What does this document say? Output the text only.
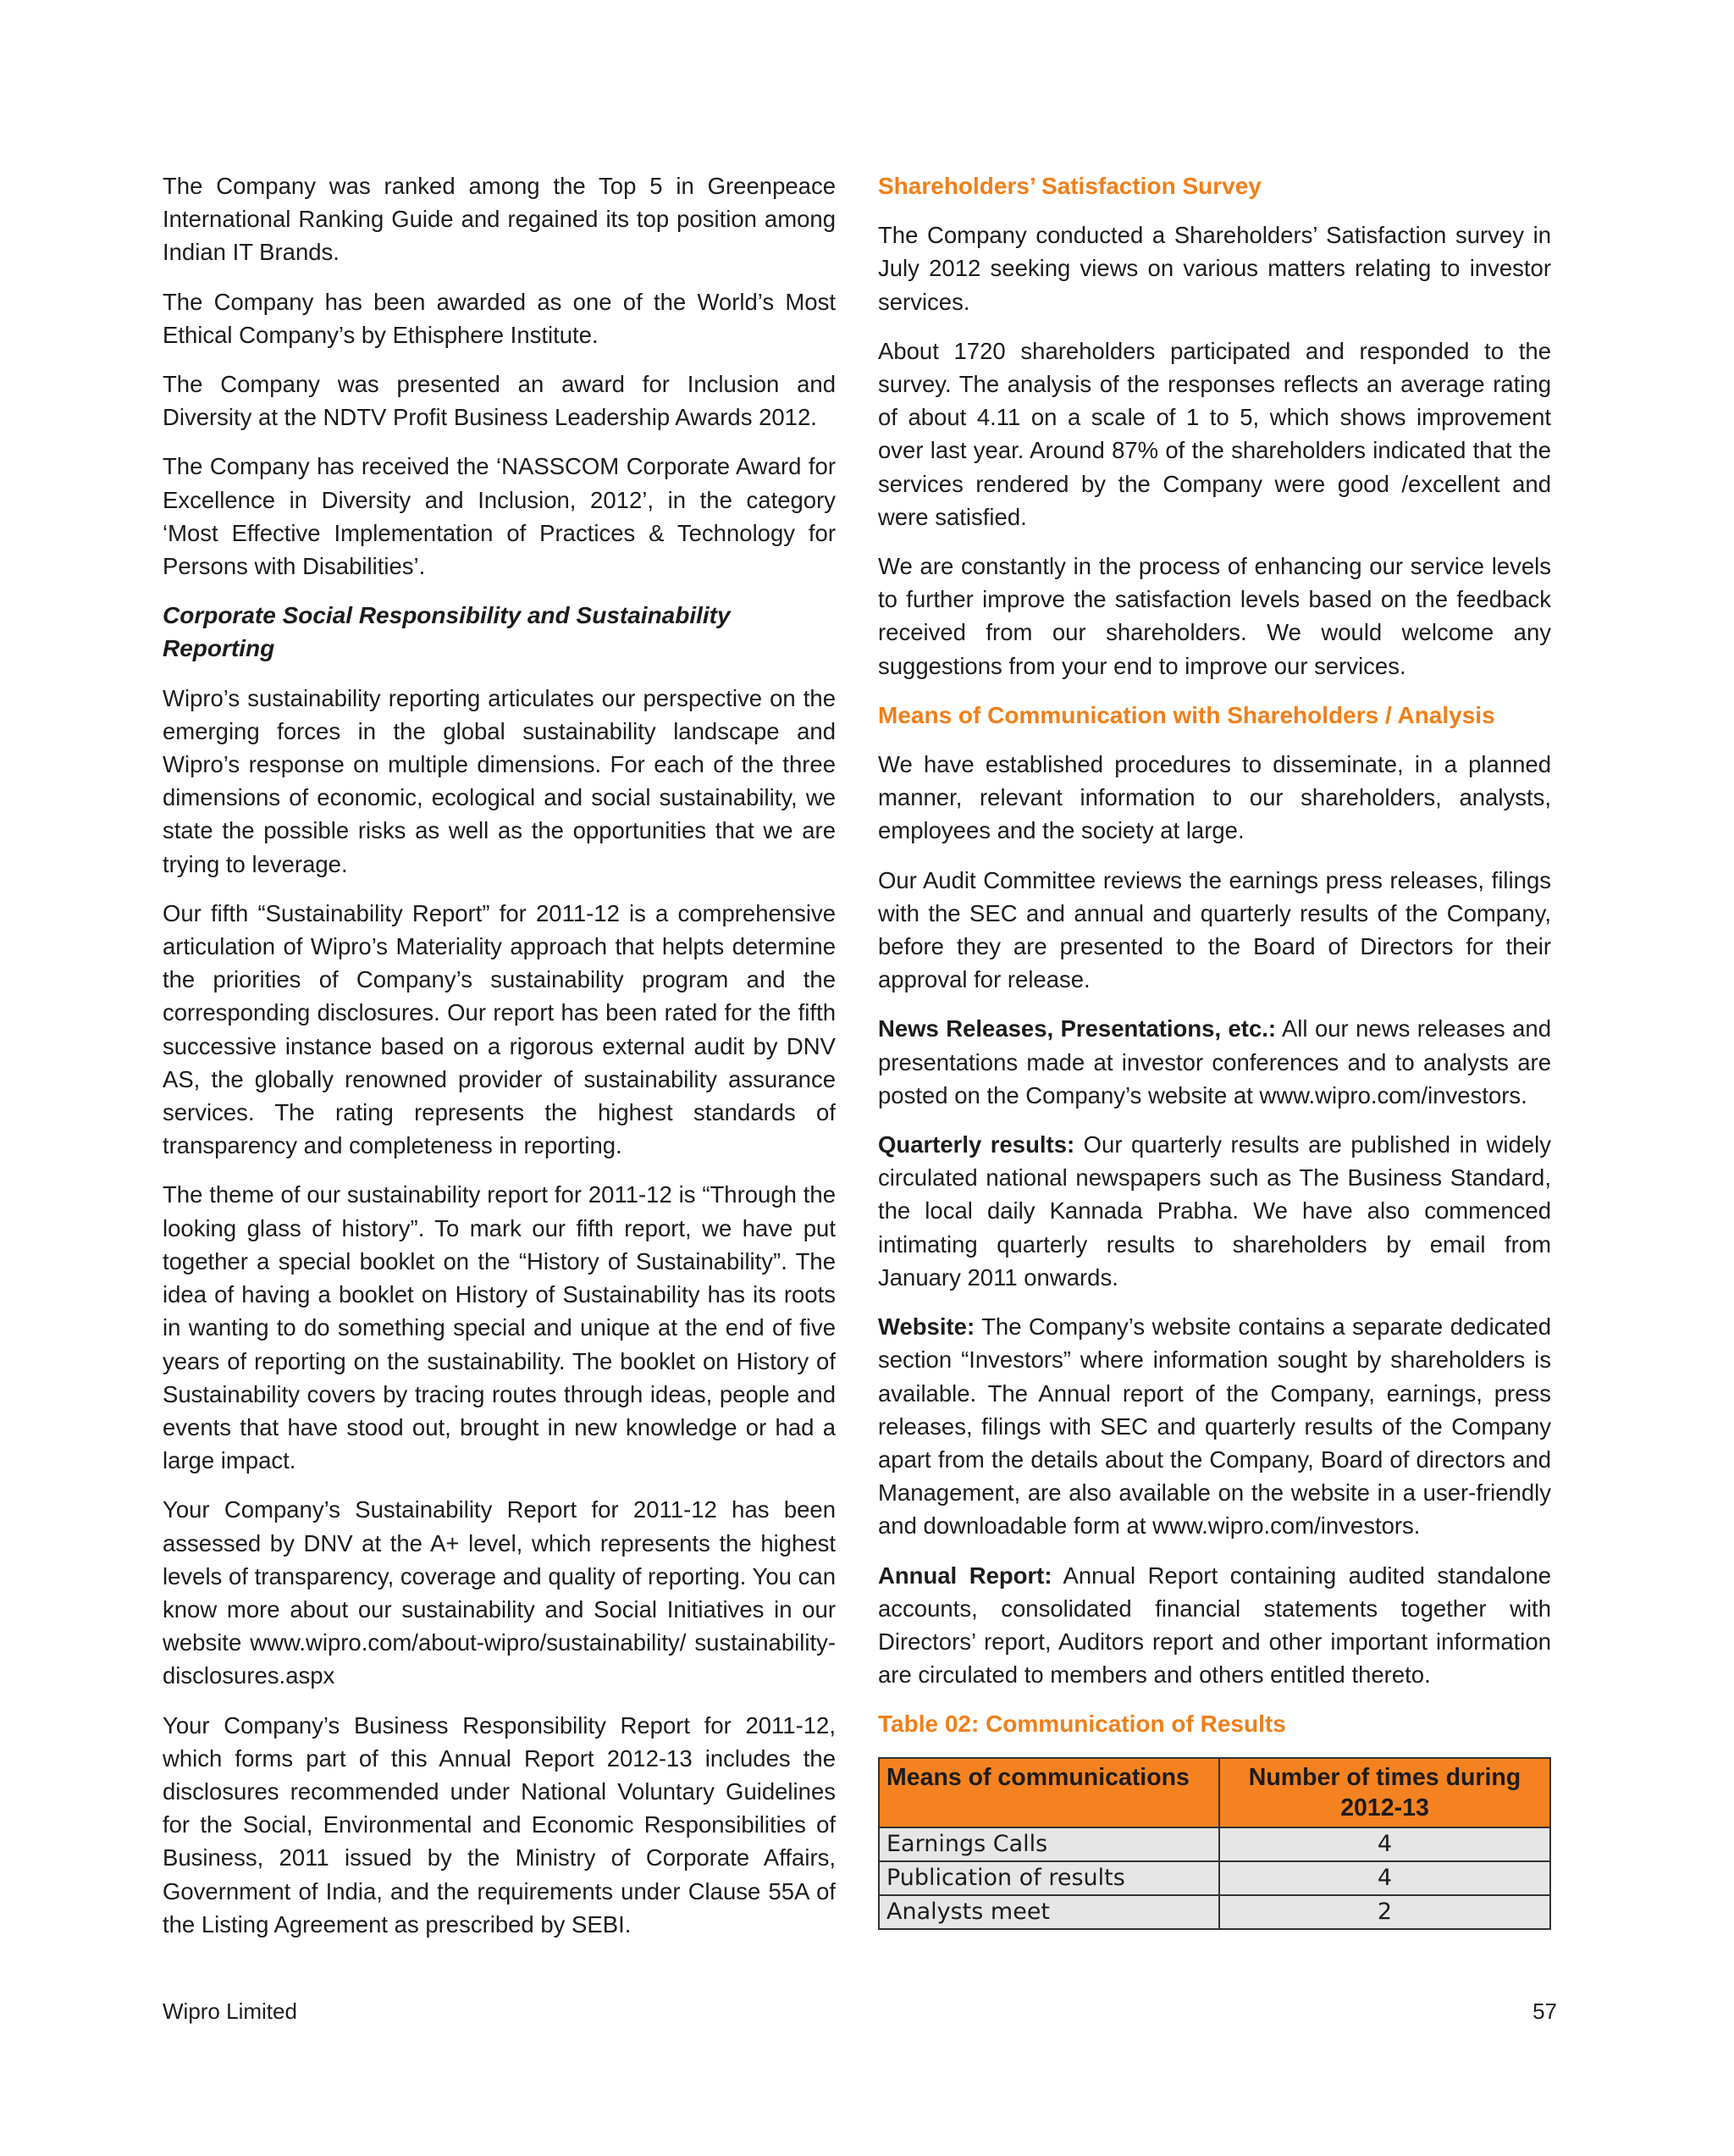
The Company was ranked among the Top 5 in Greenpeace International Ranking Guide and regained its top position among Indian IT Brands.

The Company has been awarded as one of the World’s Most Ethical Company’s by Ethisphere Institute.

The Company was presented an award for Inclusion and Diversity at the NDTV Profit Business Leadership Awards 2012.

The Company has received the ‘NASSCOM Corporate Award for Excellence in Diversity and Inclusion, 2012’, in the category ‘Most Effective Implementation of Practices & Technology for Persons with Disabilities’.

Corporate Social Responsibility and Sustainability Reporting

Wipro’s sustainability reporting articulates our perspective on the emerging forces in the global sustainability landscape and Wipro’s response on multiple dimensions. For each of the three dimensions of economic, ecological and social sustainability, we state the possible risks as well as the opportunities that we are trying to leverage.

Our fifth “Sustainability Report” for 2011-12 is a comprehensive articulation of Wipro’s Materiality approach that helpts determine the priorities of Company’s sustainability program and the corresponding disclosures. Our report has been rated for the fifth successive instance based on a rigorous external audit by DNV AS, the globally renowned provider of sustainability assurance services. The rating represents the highest standards of transparency and completeness in reporting.

The theme of our sustainability report for 2011-12 is “Through the looking glass of history”. To mark our fifth report, we have put together a special booklet on the “History of Sustainability”. The idea of having a booklet on History of Sustainability has its roots in wanting to do something special and unique at the end of five years of reporting on the sustainability. The booklet on History of Sustainability covers by tracing routes through ideas, people and events that have stood out, brought in new knowledge or had a large impact.

Your Company’s Sustainability Report for 2011-12 has been assessed by DNV at the A+ level, which represents the highest levels of transparency, coverage and quality of reporting. You can know more about our sustainability and Social Initiatives in our website www.wipro.com/about-wipro/sustainability/ sustainability-disclosures.aspx

Your Company’s Business Responsibility Report for 2011-12, which forms part of this Annual Report 2012-13 includes the disclosures recommended under National Voluntary Guidelines for the Social, Environmental and Economic Responsibilities of Business, 2011 issued by the Ministry of Corporate Affairs, Government of India, and the requirements under Clause 55A of the Listing Agreement as prescribed by SEBI.

Shareholders’ Satisfaction Survey

The Company conducted a Shareholders’ Satisfaction survey in July 2012 seeking views on various matters relating to investor services.

About 1720 shareholders participated and responded to the survey. The analysis of the responses reflects an average rating of about 4.11 on a scale of 1 to 5, which shows improvement over last year. Around 87% of the shareholders indicated that the services rendered by the Company were good /excellent and were satisfied.

We are constantly in the process of enhancing our service levels to further improve the satisfaction levels based on the feedback received from our shareholders. We would welcome any suggestions from your end to improve our services.

Means of Communication with Shareholders / Analysis

We have established procedures to disseminate, in a planned manner, relevant information to our shareholders, analysts, employees and the society at large.

Our Audit Committee reviews the earnings press releases, filings with the SEC and annual and quarterly results of the Company, before they are presented to the Board of Directors for their approval for release.

News Releases, Presentations, etc.: All our news releases and presentations made at investor conferences and to analysts are posted on the Company’s website at www.wipro.com/investors.

Quarterly results: Our quarterly results are published in widely circulated national newspapers such as The Business Standard, the local daily Kannada Prabha. We have also commenced intimating quarterly results to shareholders by email from January 2011 onwards.

Website: The Company’s website contains a separate dedicated section “Investors” where information sought by shareholders is available. The Annual report of the Company, earnings, press releases, filings with SEC and quarterly results of the Company apart from the details about the Company, Board of directors and Management, are also available on the website in a user-friendly and downloadable form at www.wipro.com/investors.

Annual Report: Annual Report containing audited standalone accounts, consolidated financial statements together with Directors’ report, Auditors report and other important information are circulated to members and others entitled thereto.

Table 02: Communication of Results
Means of communications	Number of times during 2012-13
Earnings Calls	4
Publication of results	4
Analysts meet	2
Wipro Limited	57
